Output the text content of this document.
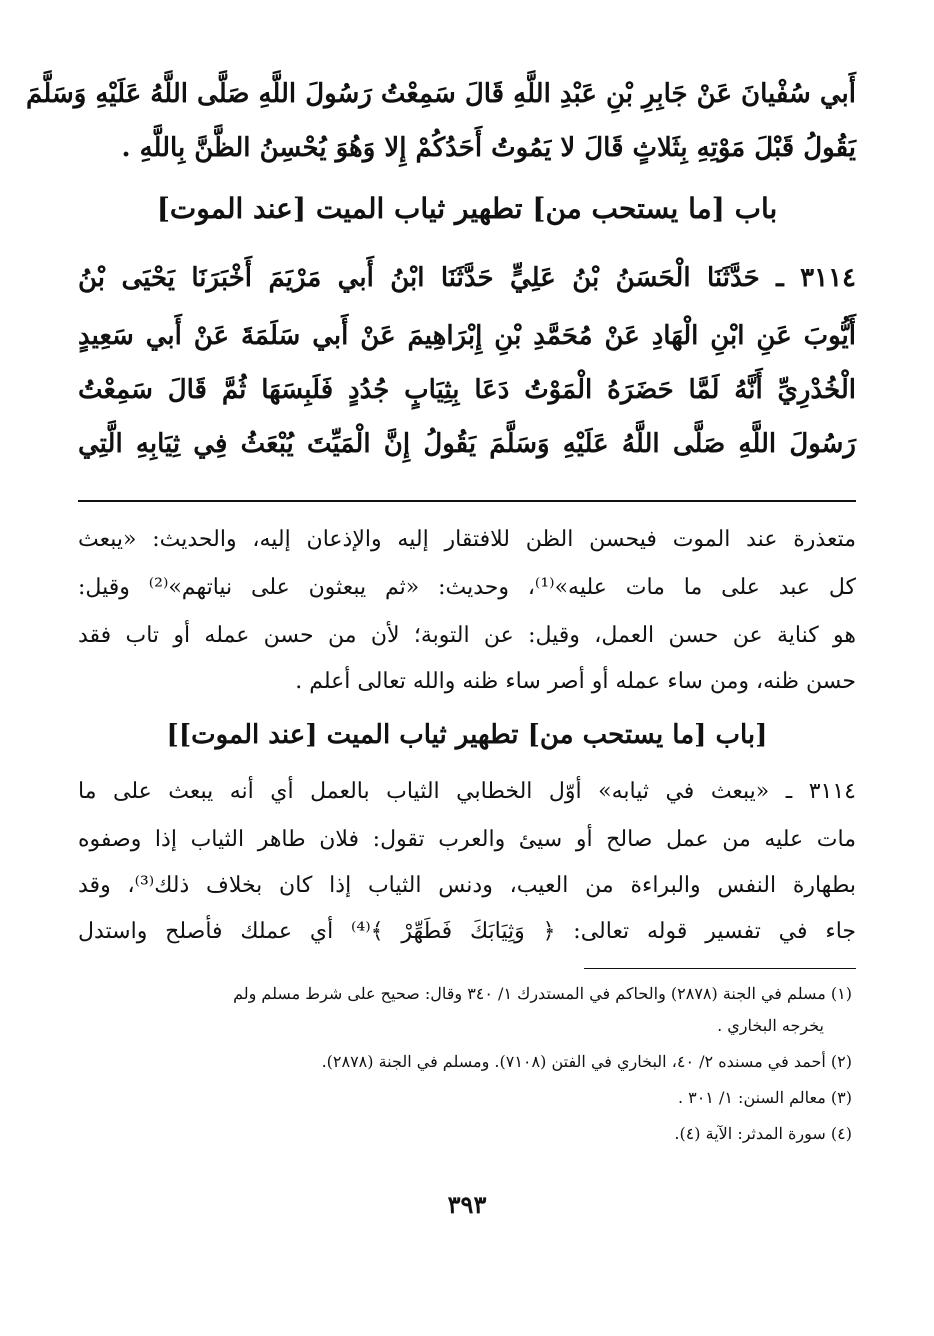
أَبي سُفْيانَ عَنْ جَابِرِ بْنِ عَبْدِ اللَّهِ قَالَ سَمِعْتُ رَسُولَ اللَّهِ صَلَّى اللَّهُ عَلَيْهِ وَسَلَّمَ
يَقُولُ قَبْلَ مَوْتِهِ بِثَلاثٍ قَالَ لا يَمُوتُ أَحَدُكُمْ إِلا وَهُوَ يُحْسِنُ الظَّنَّ بِاللَّهِ .
باب [ما يستحب من] تطهير ثياب الميت [عند الموت]
٣١١٤ ـ حَدَّثَنَا الْحَسَنُ بْنُ عَلِيٍّ حَدَّثَنَا ابْنُ أَبي مَرْيَمَ أَخْبَرَنَا يَحْيَى بْنُ
أَيُّوبَ عَنِ ابْنِ الْهَادِ عَنْ مُحَمَّدِ بْنِ إِبْرَاهِيمَ عَنْ أَبي سَلَمَةَ عَنْ أَبي سَعِيدٍ
الْخُدْرِيِّ أَنَّهُ لَمَّا حَضَرَهُ الْمَوْتُ دَعَا بِثِيَابٍ جُدُدٍ فَلَبِسَهَا ثُمَّ قَالَ سَمِعْتُ
رَسُولَ اللَّهِ صَلَّى اللَّهُ عَلَيْهِ وَسَلَّمَ يَقُولُ إِنَّ الْمَيِّتَ يُبْعَثُ فِي ثِيَابِهِ الَّتِي
متعذرة عند الموت فيحسن الظن للافتقار إليه والإذعان إليه، والحديث: «يبعث
كل عبد على ما مات عليه»⁽¹⁾، وحديث: «ثم يبعثون على نياتهم»⁽²⁾ وقيل:
هو كناية عن حسن العمل، وقيل: عن التوبة؛ لأن من حسن عمله أو تاب فقد
حسن ظنه، ومن ساء عمله أو أصر ساء ظنه والله تعالى أعلم .
[باب [ما يستحب من] تطهير ثياب الميت [عند الموت]]
٣١١٤ ـ «يبعث في ثيابه» أوّل الخطابي الثياب بالعمل أي أنه يبعث على ما
مات عليه من عمل صالح أو سيئ والعرب تقول: فلان طاهر الثياب إذا وصفوه
بطهارة النفس والبراءة من العيب، ودنس الثياب إذا كان بخلاف ذلك⁽³⁾، وقد
جاء في تفسير قوله تعالى: ﴿ وَثِيَابَكَ فَطَهِّرْ ﴾⁽⁴⁾ أي عملك فأصلح واستدل
(١) مسلم في الجنة (٢٨٧٨) والحاكم في المستدرك ١/ ٣٤٠ وقال: صحيح على شرط مسلم ولم
يخرجه البخاري .
(٢) أحمد في مسنده ٢/ ٤٠، البخاري في الفتن (٧١٠٨). ومسلم في الجنة (٢٨٧٨).
(٣) معالم السنن: ١/ ٣٠١ .
(٤) سورة المدثر: الآية (٤).
٣٩٣
